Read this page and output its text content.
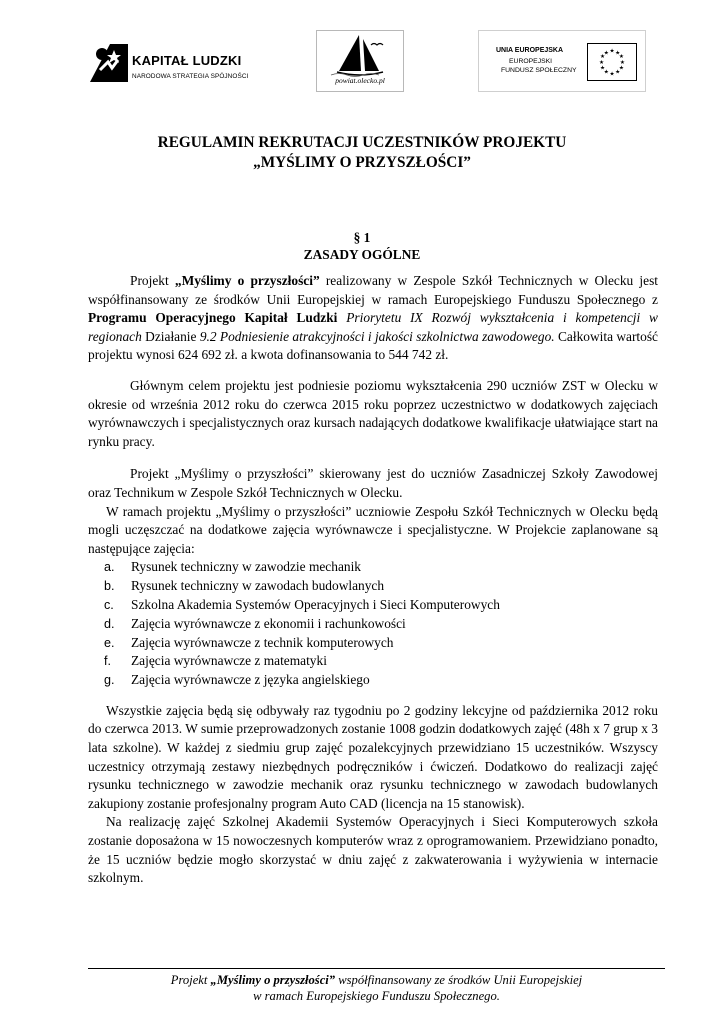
KAPITAŁ LUDZKI
NARODOWA STRATEGIA SPÓJNOŚCI	powiat.olecko.pl
UNIA EUROPEJSKA
EUROPEJSKI
FUNDUSZ SPOŁECZNY
★ ★
★
★
★
★
★
★
★
★
★
★
REGULAMIN REKRUTACJI UCZESTNIKÓW PROJEKTU
„MYŚLIMY O PRZYSZŁOŚCI”
§ 1
ZASADY OGÓLNE

Projekt „Myślimy o przyszłości” realizowany w Zespole Szkół Technicznych w Olecku jest współfinansowany ze środków Unii Europejskiej w ramach Europejskiego Funduszu Społecznego z Programu Operacyjnego Kapitał Ludzki Priorytetu IX Rozwój wykształcenia i kompetencji w regionach Działanie 9.2 Podniesienie atrakcyjności i jakości szkolnictwa zawodowego. Całkowita wartość projektu wynosi 624 692 zł. a kwota dofinansowania to 544 742 zł.

Głównym celem projektu jest podniesie poziomu wykształcenia 290 uczniów ZST w Olecku w okresie od września 2012 roku do czerwca 2015 roku poprzez uczestnictwo w dodatkowych zajęciach wyrównawczych i specjalistycznych oraz kursach nadających dodatkowe kwalifikacje ułatwiające start na rynku pracy.

Projekt „Myślimy o przyszłości” skierowany jest do uczniów Zasadniczej Szkoły Zawodowej oraz Technikum w Zespole Szkół Technicznych w Olecku.

W ramach projektu „Myślimy o przyszłości” uczniowie Zespołu Szkół Technicznych w Olecku będą mogli uczęszczać na dodatkowe zajęcia wyrównawcze i specjalistyczne. W Projekcie zaplanowane są następujące zajęcia:

a. Rysunek techniczny w zawodzie mechanik
b. Rysunek techniczny w zawodach budowlanych
c. Szkolna Akademia Systemów Operacyjnych i Sieci Komputerowych
d. Zajęcia wyrównawcze z ekonomii i rachunkowości
e. Zajęcia wyrównawcze z technik komputerowych
f. Zajęcia wyrównawcze z matematyki
g. Zajęcia wyrównawcze z języka angielskiego

Wszystkie zajęcia będą się odbywały raz tygodniu po 2 godziny lekcyjne od października 2012 roku do czerwca 2013. W sumie przeprowadzonych zostanie 1008 godzin dodatkowych zajęć (48h x 7 grup x 3 lata szkolne). W każdej z siedmiu grup zajęć pozalekcyjnych przewidziano 15 uczestników. Wszyscy uczestnicy otrzymają zestawy niezbędnych podręczników i ćwiczeń. Dodatkowo do realizacji zajęć rysunku technicznego w zawodzie mechanik oraz rysunku technicznego w zawodach budowlanych zakupiony zostanie profesjonalny program Auto CAD (licencja na 15 stanowisk).

Na realizację zajęć Szkolnej Akademii Systemów Operacyjnych i Sieci Komputerowych szkoła zostanie doposażona w 15 nowoczesnych komputerów wraz z oprogramowaniem. Przewidziano ponadto, że 15 uczniów będzie mogło skorzystać w dniu zajęć z zakwaterowania i wyżywienia w internacie szkolnym.

Projekt „Myślimy o przyszłości” współfinansowany ze środków Unii Europejskiej
w ramach Europejskiego Funduszu Społecznego.
